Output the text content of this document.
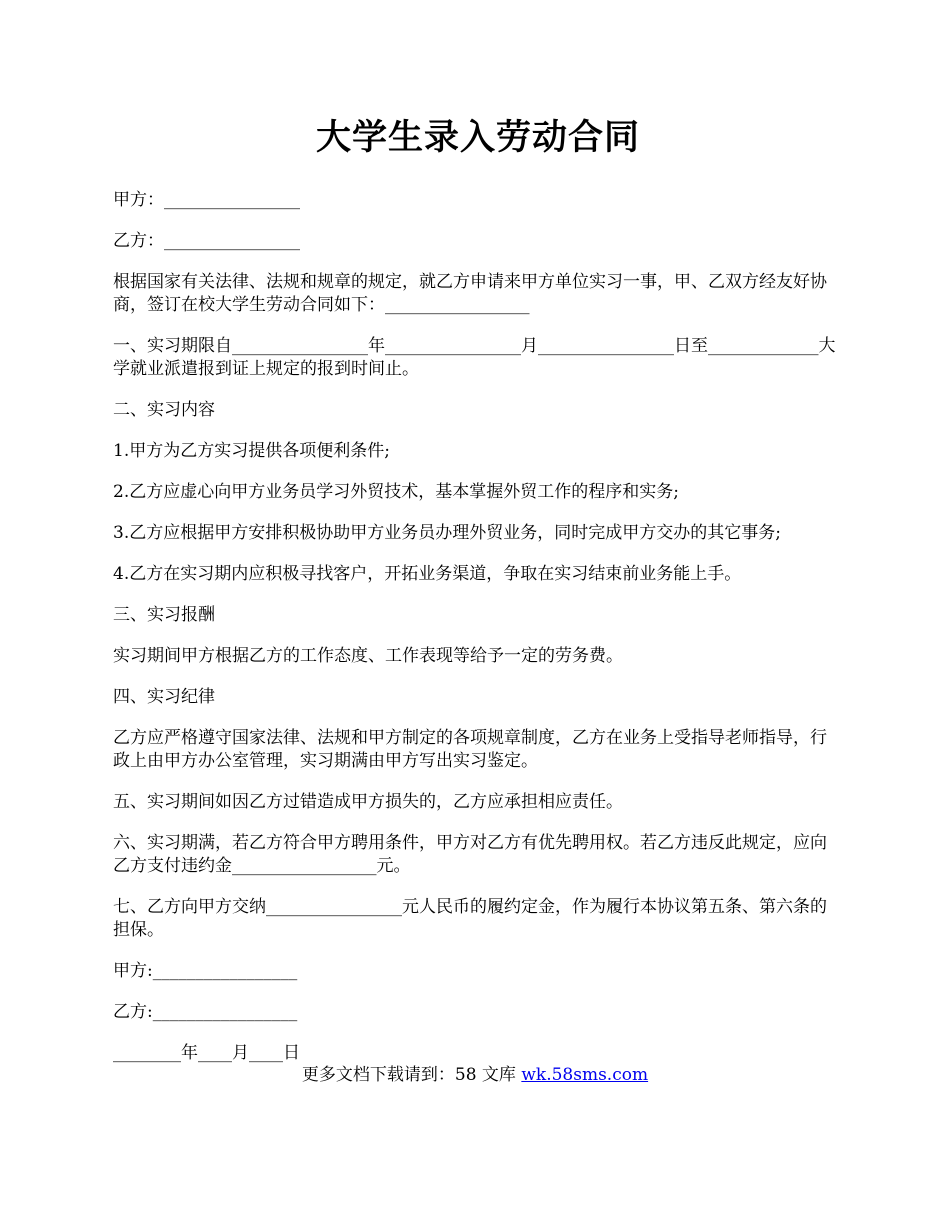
大学生录入劳动合同
甲方：________________
乙方：________________
根据国家有关法律、法规和规章的规定，就乙方申请来甲方单位实习一事，甲、乙双方经友好协商，签订在校大学生劳动合同如下：_________________
一、实习期限自________________年________________月________________日至_____________大学就业派遣报到证上规定的报到时间止。
二、实习内容
1.甲方为乙方实习提供各项便利条件;
2.乙方应虚心向甲方业务员学习外贸技术，基本掌握外贸工作的程序和实务;
3.乙方应根据甲方安排积极协助甲方业务员办理外贸业务，同时完成甲方交办的其它事务;
4.乙方在实习期内应积极寻找客户，开拓业务渠道，争取在实习结束前业务能上手。
三、实习报酬
实习期间甲方根据乙方的工作态度、工作表现等给予一定的劳务费。
四、实习纪律
乙方应严格遵守国家法律、法规和甲方制定的各项规章制度，乙方在业务上受指导老师指导，行政上由甲方办公室管理，实习期满由甲方写出实习鉴定。
五、实习期间如因乙方过错造成甲方损失的，乙方应承担相应责任。
六、实习期满，若乙方符合甲方聘用条件，甲方对乙方有优先聘用权。若乙方违反此规定，应向乙方支付违约金_________________元。
七、乙方向甲方交纳________________元人民币的履约定金，作为履行本协议第五条、第六条的担保。
甲方:_________________
乙方:_________________
________年____月____日
更多文档下载请到：58 文库 wk.58sms.com
